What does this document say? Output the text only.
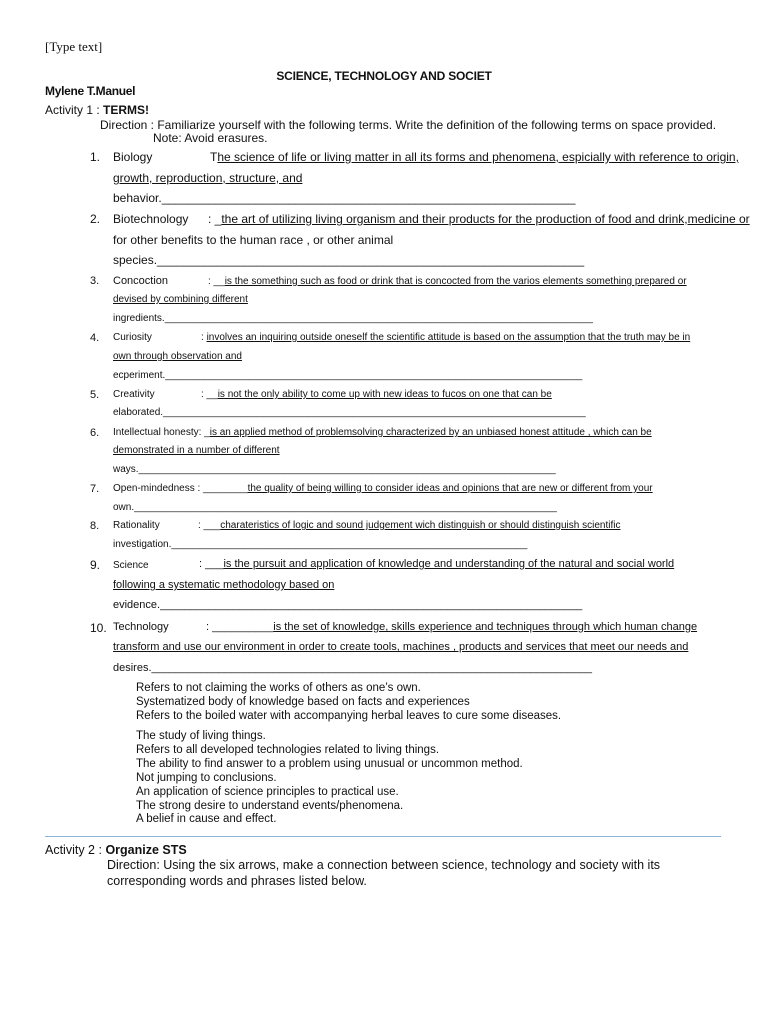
[Type text]
SCIENCE, TECHNOLOGY AND SOCIET
Mylene T.Manuel
Activity 1 : TERMS!
Direction : Familiarize yourself with the following terms. Write the definition of the following terms on space provided.
Note: Avoid erasures.
1.	Biology	The science of life or living matter in all its forms and phenomena, espicially with reference to origin,
growth, reproduction, structure, and
behavior.______________________________________________________________
2.	Biotechnology : _the art of utilizing living organism and their products for the production of food and drink,medicine or
for other benefits to the human race , or other animal
species.________________________________________________________________
3.	Concoction	: __is the something such as food or drink that is concocted from the varios elements something prepared or
devised by combining different
ingredients._____________________________________________________________________________
4.	Curiosity	: involves an inquiring outside oneself the scientific attitude is based on the assumption that the truth may be in
own through observation and
ecperiment.___________________________________________________________________________
5.	Creativity	: __is not the only ability to come up with new ideas to fucos on one that can be
elaborated.____________________________________________________________________________
6.	Intellectual honesty: _is an applied method of problemsolving characterized by an unbiased honest attitude , which can be
demonstrated in a number of different
ways.___________________________________________________________________________
7.	Open-mindedness : ________the quality of being willing to consider ideas and opinions that are new or different from your
own.____________________________________________________________________________
8.	Rationality	: ___charateristics of logic and sound judgement wich distinguish or should distinguish scientific
investigation.________________________________________________________________
9.	Science	: ___is the pursuit and application of knowledge and understanding of the natural and social world
following a systematic methodology based on
evidence._____________________________________________________________________
10. Technology	: __________is the set of knowledge, skills experience and techniques through which human change
transform and use our environment in order to create tools, machines , products and services that meet our needs and
desires.________________________________________________________________________
Refers to not claiming the works of others as one’s own.
Systematized body of knowledge based on facts and experiences
Refers to the boiled water with accompanying herbal leaves to cure some diseases.
The study of living things.
Refers to all developed technologies related to living things.
The ability to find answer to a problem using unusual or uncommon method.
Not jumping to conclusions.
An application of science principles to practical use.
The strong desire to understand events/phenomena.
A belief in cause and effect.
Activity 2 : Organize STS
Direction: Using the six arrows, make a connection between science, technology and society with its
corresponding words and phrases listed below.
